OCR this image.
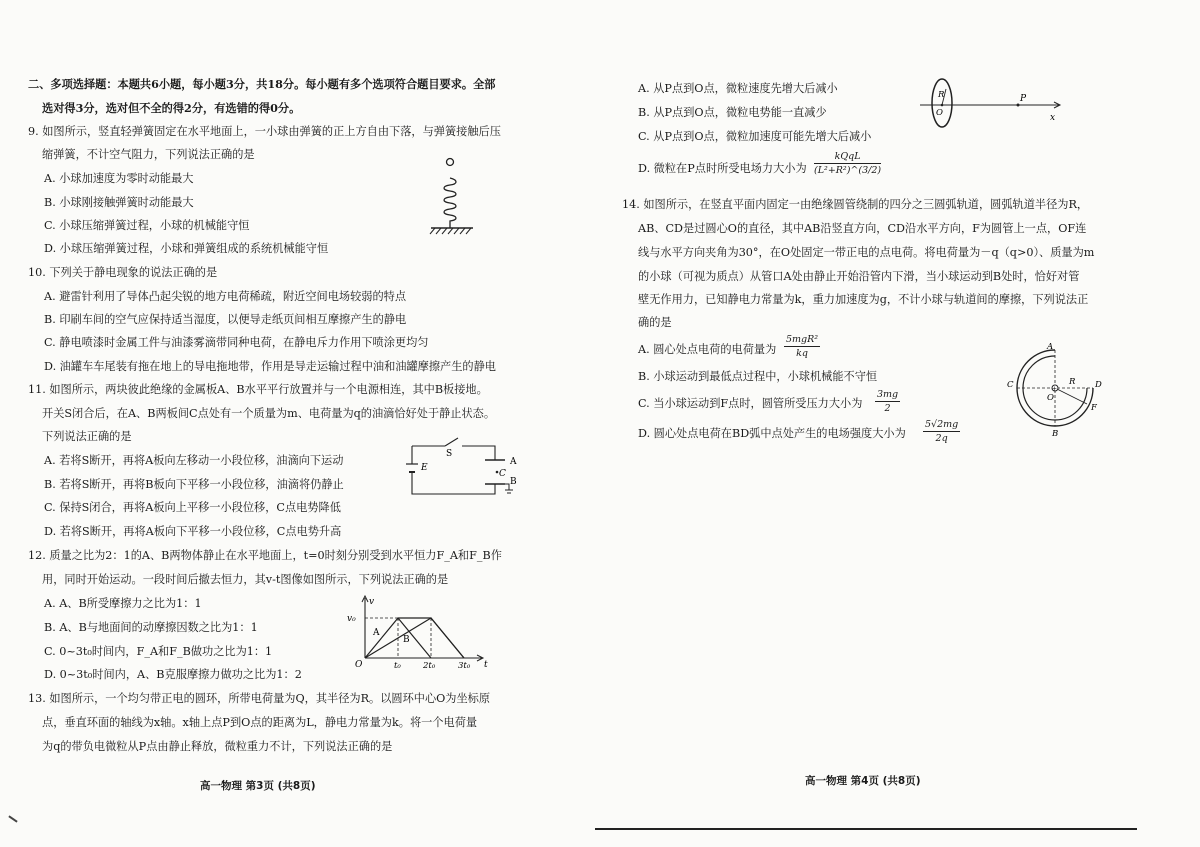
二、多项选择题：本题共6小题，每小题3分，共18分。每小题有多个选项符合题目要求。全部
选对得3分，选对但不全的得2分，有选错的得0分。
9. 如图所示，竖直轻弹簧固定在水平地面上，一小球由弹簧的正上方自由下落，与弹簧接触后压
缩弹簧，不计空气阻力，下列说法正确的是
A. 小球加速度为零时动能最大
B. 小球刚接触弹簧时动能最大
C. 小球压缩弹簧过程，小球的机械能守恒
D. 小球压缩弹簧过程，小球和弹簧组成的系统机械能守恒
10. 下列关于静电现象的说法正确的是
A. 避雷针利用了导体凸起尖锐的地方电荷稀疏，附近空间电场较弱的特点
B. 印刷车间的空气应保持适当湿度，以便导走纸页间相互摩擦产生的静电
C. 静电喷漆时金属工件与油漆雾滴带同种电荷，在静电斥力作用下喷涂更均匀
D. 油罐车车尾装有拖在地上的导电拖地带，作用是导走运输过程中油和油罐摩擦产生的静电
11. 如图所示，两块彼此绝缘的金属板A、B水平平行放置并与一个电源相连，其中B板接地。
开关S闭合后，在A、B两板间C点处有一个质量为m、电荷量为q的油滴恰好处于静止状态。
下列说法正确的是
A. 若将S断开，再将A板向左移动一小段位移，油滴向下运动
B. 若将S断开，再将B板向下平移一小段位移，油滴将仍静止
C. 保持S闭合，再将A板向上平移一小段位移，C点电势降低
D. 若将S断开，再将A板向下平移一小段位移，C点电势升高
E
S
A
C
B
12. 质量之比为2：1的A、B两物体静止在水平地面上，t=0时刻分别受到水平恒力F_A和F_B作
用，同时开始运动。一段时间后撤去恒力，其v-t图像如图所示，下列说法正确的是
A. A、B所受摩擦力之比为1：1
B. A、B与地面间的动摩擦因数之比为1：1
C. 0~3t₀时间内，F_A和F_B做功之比为1：1
D. 0~3t₀时间内，A、B克服摩擦力做功之比为1：2
v
v₀
O	t₀	2t₀	3t₀ t
A
B
13. 如图所示，一个均匀带正电的圆环，所带电荷量为Q，其半径为R。以圆环中心O为坐标原
点，垂直环面的轴线为x轴。x轴上点P到O点的距离为L，静电力常量为k。将一个电荷量
为q的带负电微粒从P点由静止释放，微粒重力不计，下列说法正确的是
高一物理 第3页 (共8页)
A. 从P点到O点，微粒速度先增大后减小
B. 从P点到O点，微粒电势能一直减少
C. 从P点到O点，微粒加速度可能先增大后减小
D. 微粒在P点时所受电场力大小为
kQqL
(L²+R²)^(3/2)
R
O
P
x
14. 如图所示，在竖直平面内固定一由绝缘圆管绕制的四分之三圆弧轨道，圆弧轨道半径为R，
AB、CD是过圆心O的直径，其中AB沿竖直方向，CD沿水平方向，F为圆管上一点，OF连
线与水平方向夹角为30°，在O处固定一带正电的点电荷。将电荷量为－q（q>0）、质量为m
的小球（可视为质点）从管口A处由静止开始沿管内下滑，当小球运动到B处时，恰好对管
壁无作用力，已知静电力常量为k，重力加速度为g，不计小球与轨道间的摩擦，下列说法正
确的是
A. 圆心处点电荷的电荷量为
5mgR²
kq
B. 小球运动到最低点过程中，小球机械能不守恒
C. 当小球运动到F点时，圆管所受压力大小为 $\frac{3mg}{2}$
D. 圆心处点电荷在BD弧中点处产生的电场强度大小为 $\frac{5√2mg}{2q}$
+
A
B
C	D
F
O
R
高一物理 第4页 (共8页)
